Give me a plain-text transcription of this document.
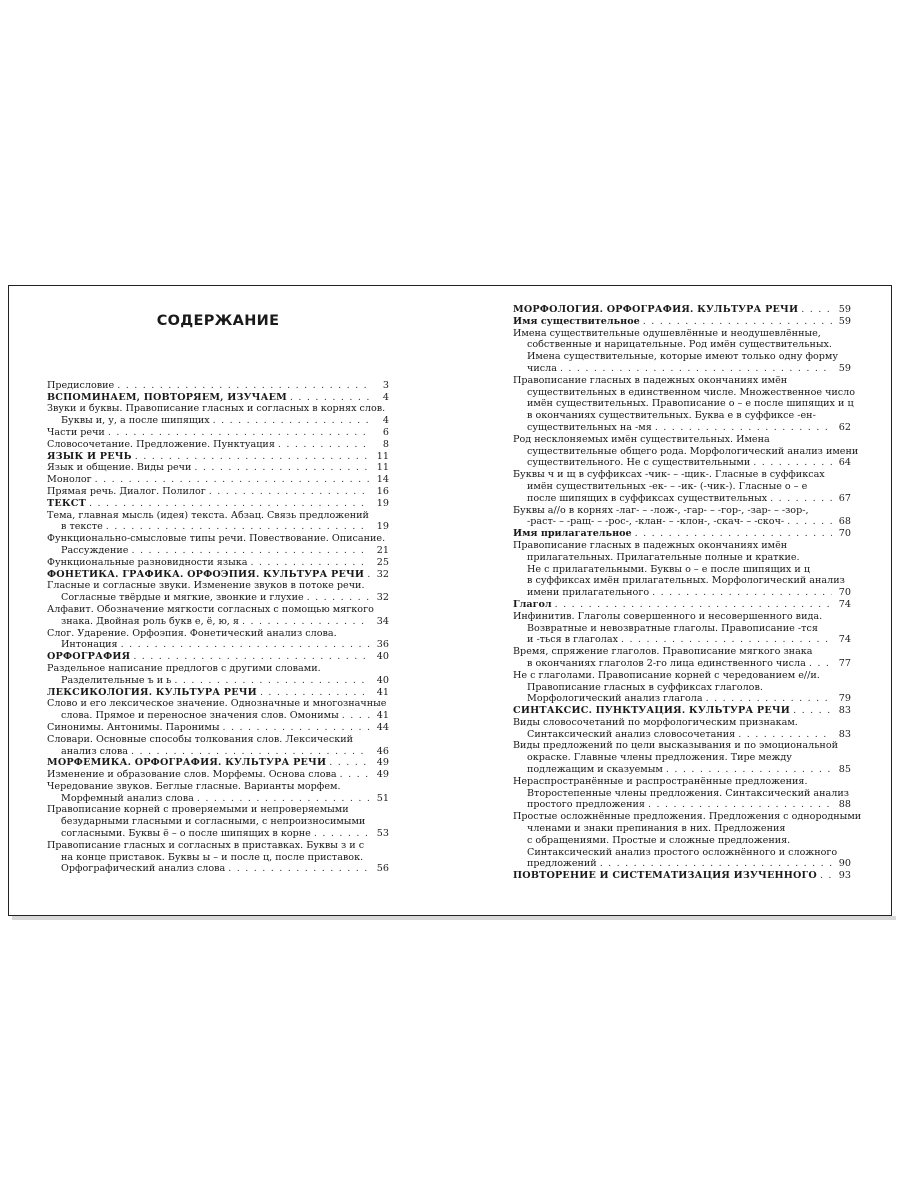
СОДЕРЖАНИЕ
Предисловие . . .	3
ВСПОМИНАЕМ, ПОВТОРЯЕМ, ИЗУЧАЕМ . . .	4
Звуки и буквы. Правописание гласных и согласных в корнях слов.
Буквы и, у, а после шипящих . . .	4
Части речи . . .	6
Словосочетание. Предложение. Пунктуация . . .	8
ЯЗЫК И РЕЧЬ . . .	11
Язык и общение. Виды речи . . .	11
Монолог . . .	14
Прямая речь. Диалог. Полилог . . .	16
ТЕКСТ . . .	19
Тема, главная мысль (идея) текста. Абзац. Связь предложений
в тексте . . .	19
Функционально-смысловые типы речи. Повествование. Описание.
Рассуждение . . .	21
Функциональные разновидности языка . . .	25
ФОНЕТИКА. ГРАФИКА. ОРФОЭПИЯ. КУЛЬТУРА РЕЧИ . . .	32
Гласные и согласные звуки. Изменение звуков в потоке речи.
Согласные твёрдые и мягкие, звонкие и глухие . . .	32
Алфавит. Обозначение мягкости согласных с помощью мягкого
знака. Двойная роль букв е, ё, ю, я . . .	34
Слог. Ударение. Орфоэпия. Фонетический анализ слова.
Интонация . . .	36
ОРФОГРАФИЯ . . .	40
Раздельное написание предлогов с другими словами.
Разделительные ъ и ь . . .	40
ЛЕКСИКОЛОГИЯ. КУЛЬТУРА РЕЧИ . . .	41
Слово и его лексическое значение. Однозначные и многозначные
слова. Прямое и переносное значения слов. Омонимы . . .	41
Синонимы. Антонимы. Паронимы . . .	44
Словари. Основные способы толкования слов. Лексический
анализ слова . . .	46
МОРФЕМИКА. ОРФОГРАФИЯ. КУЛЬТУРА РЕЧИ . . .	49
Изменение и образование слов. Морфемы. Основа слова . . .	49
Чередование звуков. Беглые гласные. Варианты морфем.
Морфемный анализ слова . . .	51
Правописание корней с проверяемыми и непроверяемыми
безударными гласными и согласными, с непроизносимыми
согласными. Буквы ё – о после шипящих в корне . . .	53
Правописание гласных и согласных в приставках. Буквы з и с
на конце приставок. Буквы ы – и после ц, после приставок.
Орфографический анализ слова . . .	56
МОРФОЛОГИЯ. ОРФОГРАФИЯ. КУЛЬТУРА РЕЧИ . . .	59
Имя существительное . . .	59
Имена существительные одушевлённые и неодушевлённые,
собственные и нарицательные. Род имён существительных.
Имена существительные, которые имеют только одну форму
числа . . .	59
Правописание гласных в падежных окончаниях имён
существительных в единственном числе. Множественное число
имён существительных. Правописание о – е после шипящих и ц
в окончаниях существительных. Буква е в суффиксе -ен-
существительных на -мя . . .	62
Род несклоняемых имён существительных. Имена
существительные общего рода. Морфологический анализ имени
существительного. Не с существительными . . .	64
Буквы ч и щ в суффиксах -чик- – -щик-. Гласные в суффиксах
имён существительных -ек- – -ик- (-чик-). Гласные о – е
после шипящих в суффиксах существительных . . .	67
Буквы а//о в корнях -лаг- – -лож-, -гар- – -гор-, -зар- – -зор-,
-раст- – -ращ- – -рос-, -клан- – -клон-, -скач- – -скоч- . . .	68
Имя прилагательное . . .	70
Правописание гласных в падежных окончаниях имён
прилагательных. Прилагательные полные и краткие.
Не с прилагательными. Буквы о – е после шипящих и ц
в суффиксах имён прилагательных. Морфологический анализ
имени прилагательного . . .	70
Глагол . . .	74
Инфинитив. Глаголы совершенного и несовершенного вида.
Возвратные и невозвратные глаголы. Правописание -тся
и -ться в глаголах . . .	74
Время, спряжение глаголов. Правописание мягкого знака
в окончаниях глаголов 2-го лица единственного числа . . .	77
Не с глаголами. Правописание корней с чередованием е//и.
Правописание гласных в суффиксах глаголов.
Морфологический анализ глагола . . .	79
СИНТАКСИС. ПУНКТУАЦИЯ. КУЛЬТУРА РЕЧИ . . .	83
Виды словосочетаний по морфологическим признакам.
Синтаксический анализ словосочетания . . .	83
Виды предложений по цели высказывания и по эмоциональной
окраске. Главные члены предложения. Тире между
подлежащим и сказуемым . . .	85
Нераспространённые и распространённые предложения.
Второстепенные члены предложения. Синтаксический анализ
простого предложения . . .	88
Простые осложнённые предложения. Предложения с однородными
членами и знаки препинания в них. Предложения
с обращениями. Простые и сложные предложения.
Синтаксический анализ простого осложнённого и сложного
предложений . . .	90
ПОВТОРЕНИЕ И СИСТЕМАТИЗАЦИЯ ИЗУЧЕННОГО . . .	93
